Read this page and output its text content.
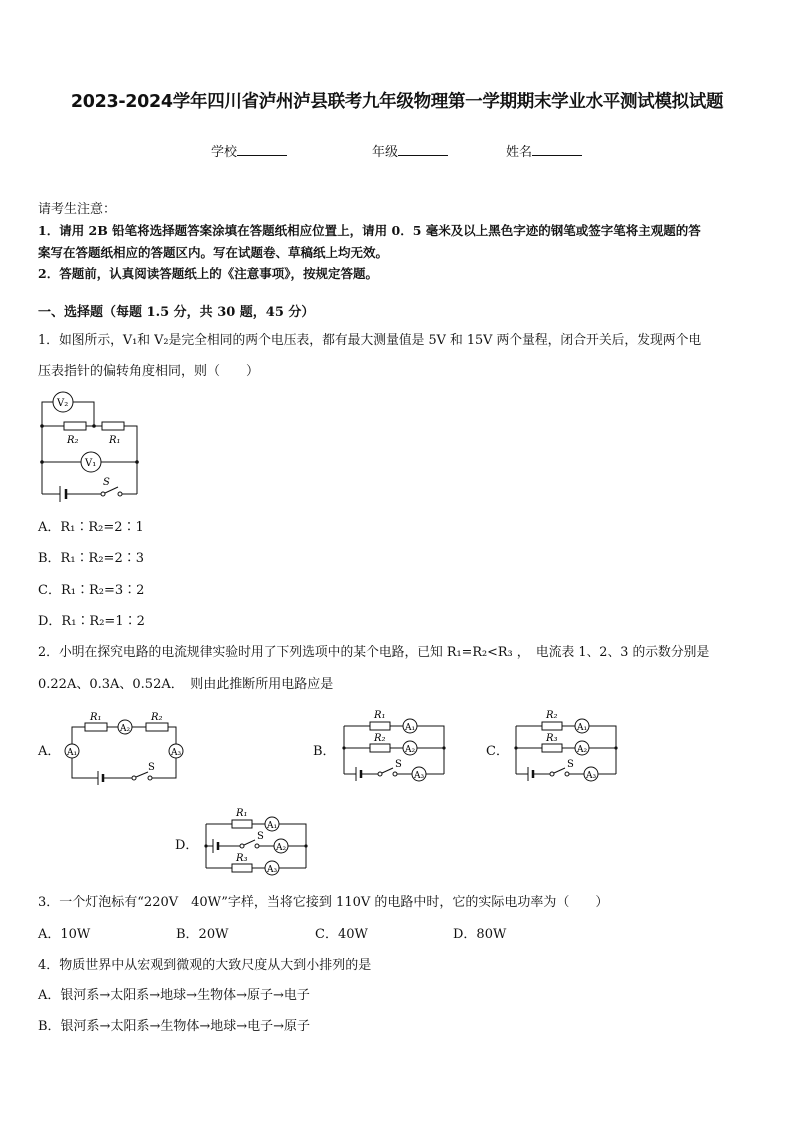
2023-2024学年四川省泸州泸县联考九年级物理第一学期期末学业水平测试模拟试题
学校	年级	姓名
请考生注意：
1．请用 2B 铅笔将选择题答案涂填在答题纸相应位置上，请用 0．5 毫米及以上黑色字迹的钢笔或签字笔将主观题的答
案写在答题纸相应的答题区内。写在试题卷、草稿纸上均无效。
2．答题前，认真阅读答题纸上的《注意事项》，按规定答题。
一、选择题（每题 1.5 分，共 30 题，45 分）
1．如图所示，V₁和 V₂是完全相同的两个电压表，都有最大测量值是 5V 和 15V 两个量程，闭合开关后，发现两个电
压表指针的偏转角度相同，则（　　）
V₂
V₁
R₂	R₁
S
A．R₁∶R₂=2∶1
B．R₁∶R₂=2∶3
C．R₁∶R₂=3∶2
D．R₁∶R₂=1∶2
2．小明在探究电路的电流规律实验时用了下列选项中的某个电路，已知 R₁=R₂<R₃ ，　电流表 1、2、3 的示数分别是
0.22A、0.3A、0.52A．　则由此推断所用电路应是
A．	B．	C．
D．
R₁	R₂
A₂
A₁	A₃
S
R₁
R₂
A₁
A₂
A₃
S
R₂
R₃
A₁
A₂
A₃
S
R₁
R₃
A₁
A₂
A₃
S
3．一个灯泡标有“220V　40W”字样，当将它接到 110V 的电路中时，它的实际电功率为（　　）
A．10W	B．20W	C．40W	D．80W
4．物质世界中从宏观到微观的大致尺度从大到小排列的是
A．银河系→太阳系→地球→生物体→原子→电子
B．银河系→太阳系→生物体→地球→电子→原子
